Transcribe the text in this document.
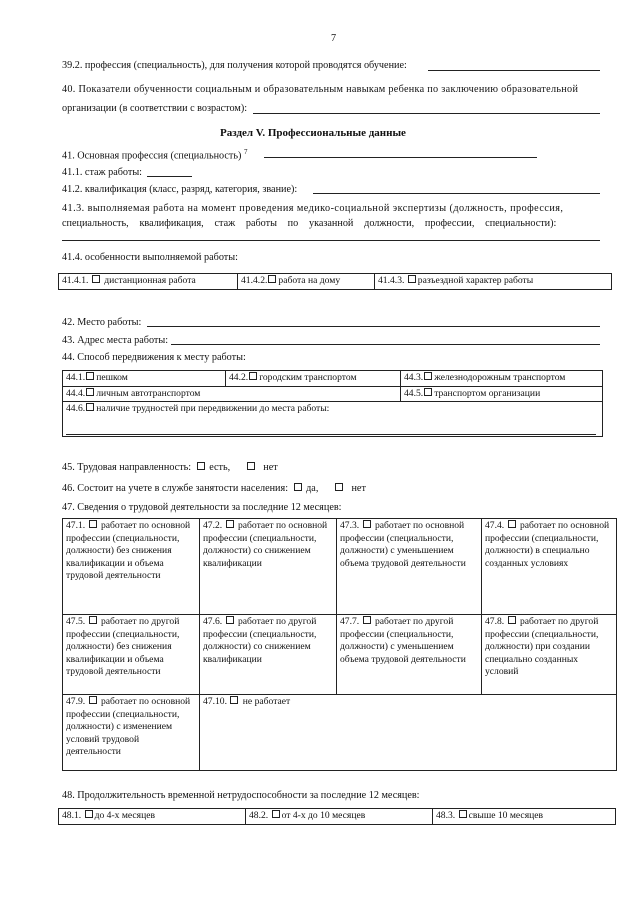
7
39.2. профессия (специальность), для получения которой проводятся обучение:
40. Показатели обученности социальным и образовательным навыкам ребенка по заключению образовательной
организации (в соответствии с возрастом):
Раздел V. Профессиональные данные
41. Основная профессия (специальность) $^7$
41.1. стаж работы:
41.2. квалификация (класс, разряд, категория, звание):
41.3. выполняемая работа на момент проведения медико-социальной экспертизы (должность, профессия,
специальность, квалификация, стаж работы по указанной должности, профессии, специальности):
41.4. особенности выполняемой работы:
41.4.1. дистанционная работа	41.4.2. работа на дому	41.4.3. разъездной характер работы
42. Место работы:
43. Адрес места работы:
44. Способ передвижения к месту работы:
44.1. пешком	44.2. городским транспортом	44.3. железнодорожным транспортом
44.4. личным автотранспортом		44.5. транспортом организации
44.6. наличие трудностей при передвижении до места работы:		
45. Трудовая направленность: есть,	нет
46. Состоит на учете в службе занятости населения: да,	нет
47. Сведения о трудовой деятельности за последние 12 месяцев:
47.1. работает по основной профессии (специальности, должности) без снижения квалификации и объема трудовой деятельности	47.2. работает по основной профессии (специальности, должности) со снижением квалификации	47.3. работает по основной профессии (специальности, должности) с уменьшением объема трудовой деятельности	47.4. работает по основной профессии (специальности, должности) в специально созданных условиях
47.5. работает по другой профессии (специальности, должности) без снижения квалификации и объема трудовой деятельности	47.6. работает по другой профессии (специальности, должности) со снижением квалификации	47.7. работает по другой профессии (специальности, должности) с уменьшением объема трудовой деятельности	47.8. работает по другой профессии (специальности, должности) при создании специально созданных условий
47.9. работает по основной профессии (специальности, должности) с изменением условий трудовой деятельности	47.10. не работает		
48. Продолжительность временной нетрудоспособности за последние 12 месяцев:
48.1. до 4-х месяцев	48.2. от 4-х до 10 месяцев	48.3. свыше 10 месяцев
